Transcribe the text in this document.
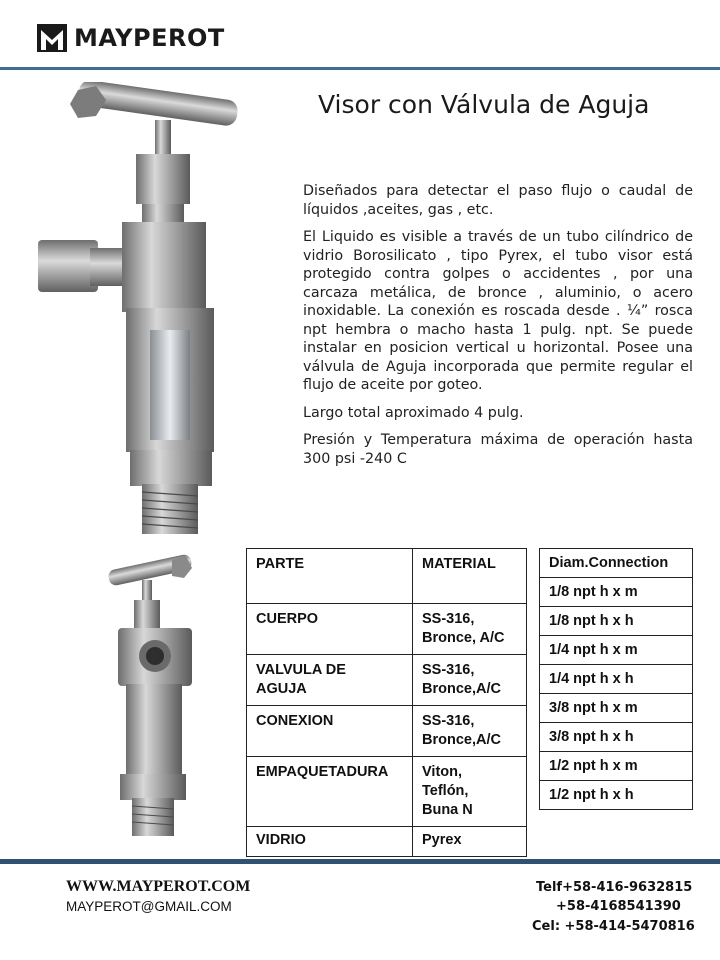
MAYPEROT
Visor con Válvula de Aguja

Diseñados para detectar el paso flujo o caudal de líquidos ,aceites, gas , etc.

El Liquido es visible a través de un tubo cilíndrico de vidrio Borosilicato , tipo Pyrex, el tubo visor está protegido contra golpes o accidentes , por una carcaza metálica, de bronce , aluminio, o acero inoxidable. La conexión es roscada desde . ¼” rosca npt hembra o macho hasta 1 pulg. npt. Se puede instalar en posicion vertical u horizontal. Posee una válvula de Aguja incorporada que permite regular el flujo de aceite por goteo.

Largo total aproximado 4 pulg.

Presión y Temperatura máxima de operación hasta 300 psi -240 C

PARTE	MATERIAL
CUERPO	SS-316,
Bronce, A/C
VALVULA DE
AGUJA	SS-316,
Bronce,A/C
CONEXION	SS-316,
Bronce,A/C
EMPAQUETADURA	Viton,
Teflón,
Buna N
VIDRIO	Pyrex
Diam.Connection
1/8 npt h x m
1/8 npt h x h
1/4 npt h x m
1/4 npt h x h
3/8 npt h x m
3/8 npt h x h
1/2 npt h x m
1/2 npt h x h
WWW.MAYPEROT.COM
MAYPEROT@GMAIL.COM
Telf+58-416-9632815
+58-4168541390
Cel: +58-414-5470816
